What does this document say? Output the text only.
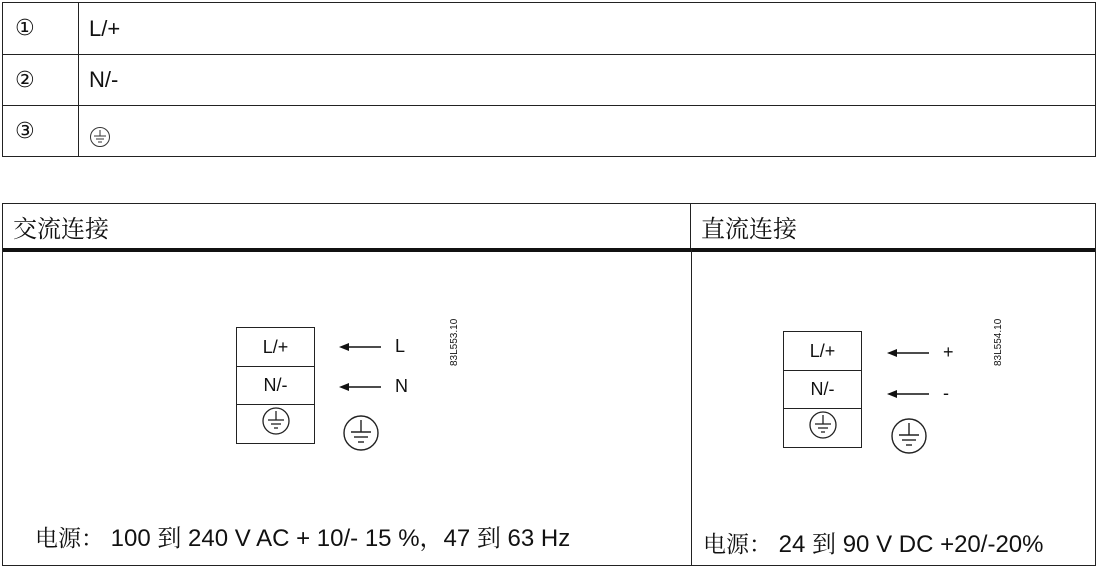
①	L/+
②	N/-
③
交流连接	直流连接
L/+
N/-
L
N
83L553.10
电源： 100 到 240 V AC + 10/- 15 %，47 到 63 Hz
L/+
N/-
+
-
83L554.10
电源： 24 到 90 V DC +20/-20%
